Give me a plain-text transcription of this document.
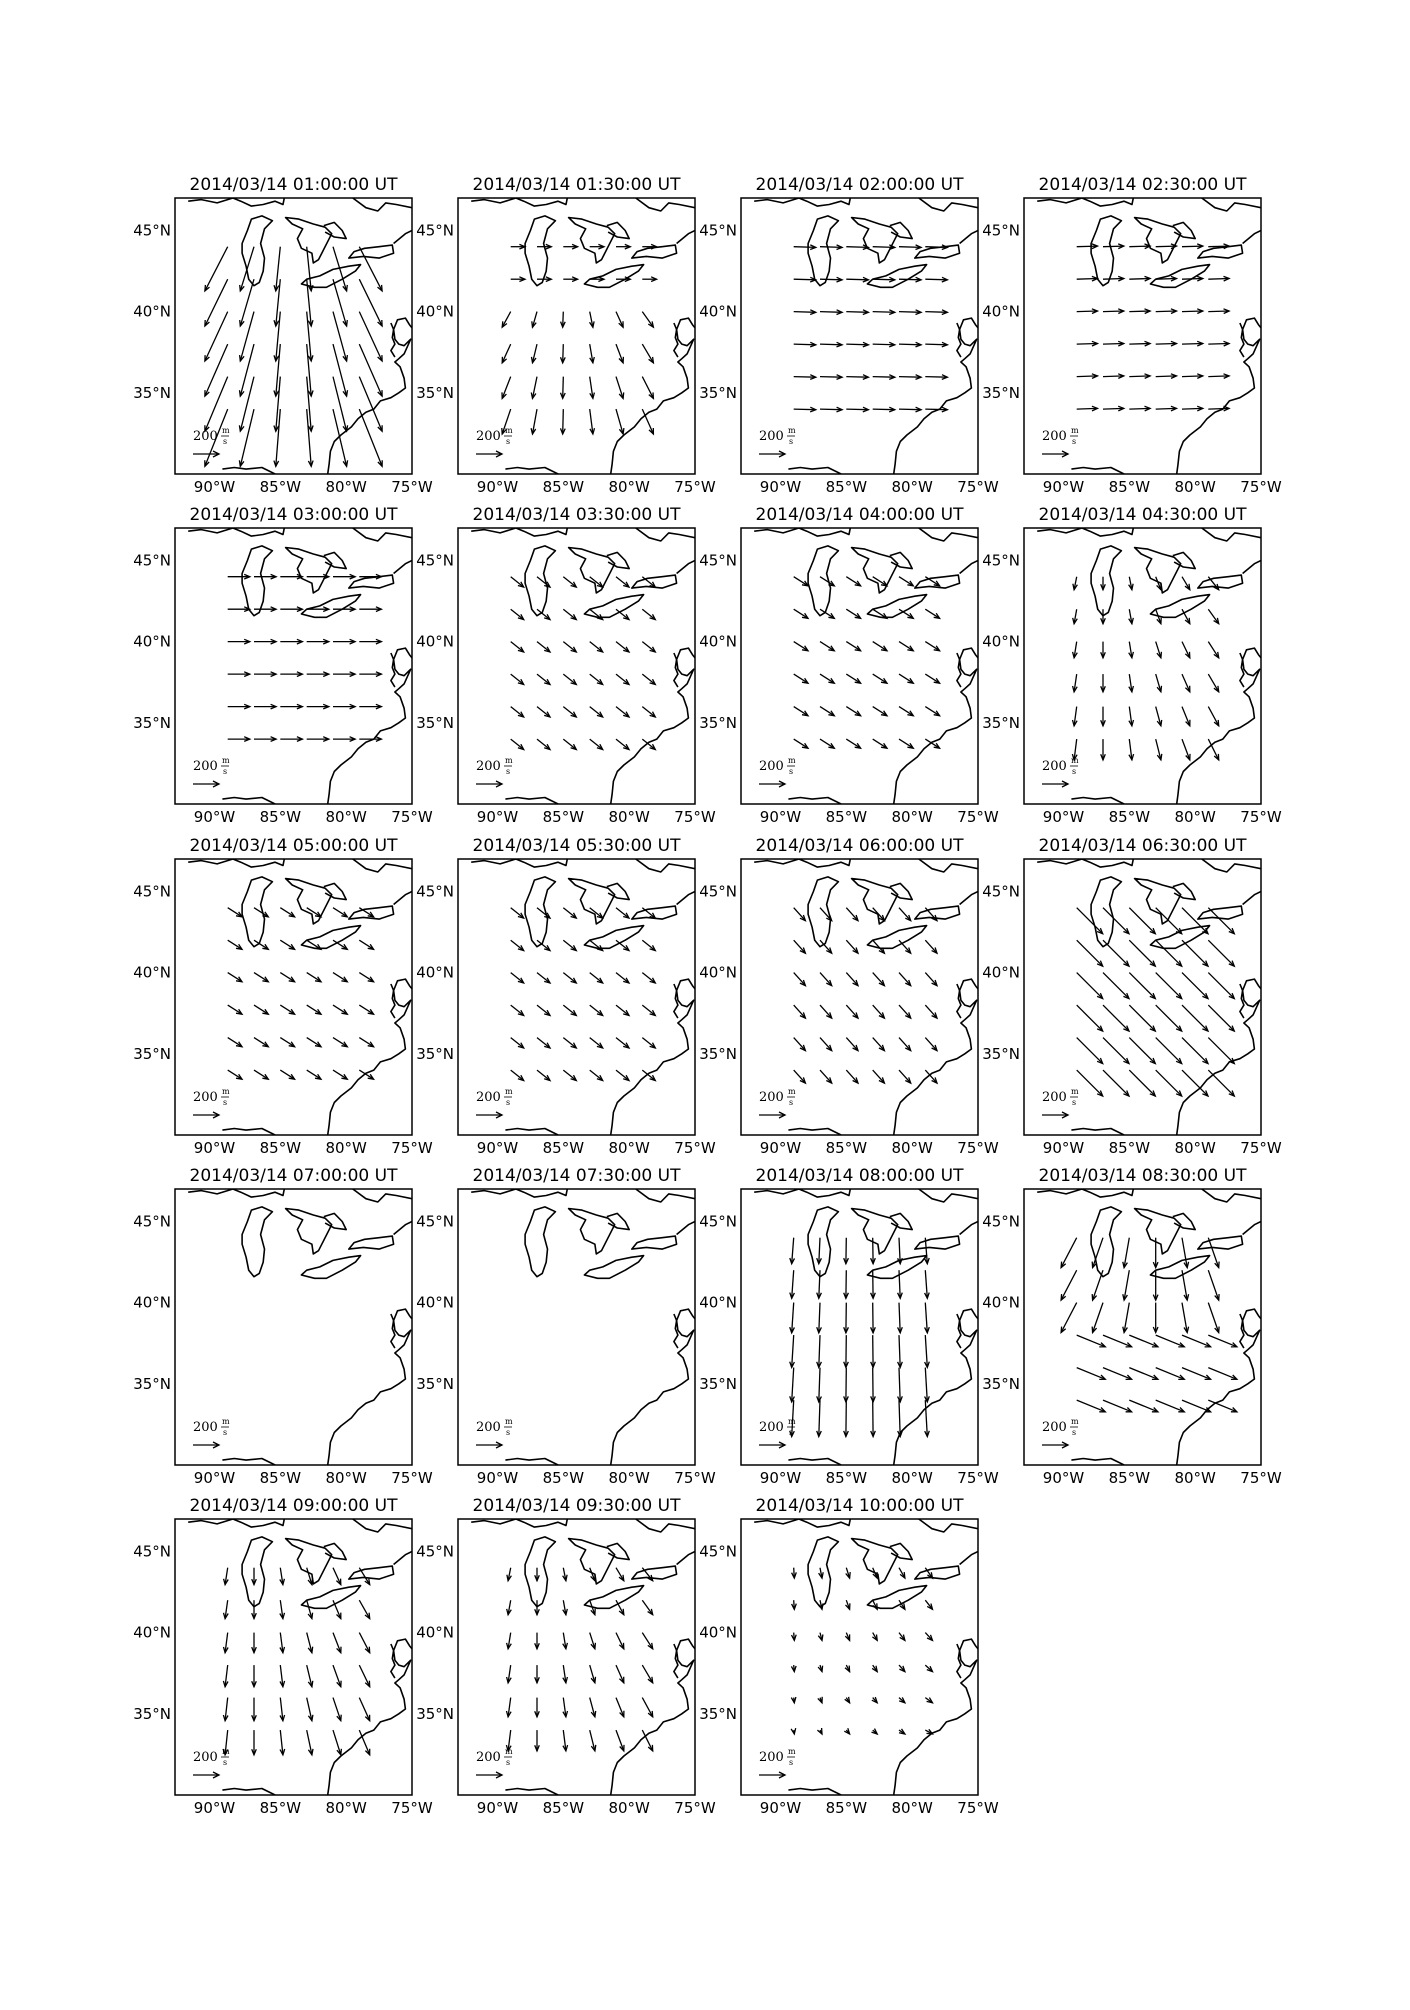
2014/03/14 01:00:00 UT
200 m
s
90°W 85°W 80°W 75°W
45°N
40°N
35°N
2014/03/14 01:30:00 UT
200 m
s
90°W 85°W 80°W 75°W
45°N
40°N
35°N
2014/03/14 02:00:00 UT
200 m
s
90°W 85°W 80°W 75°W
45°N
40°N
35°N
2014/03/14 02:30:00 UT
200 m
s
90°W 85°W 80°W 75°W
45°N
40°N
35°N
2014/03/14 03:00:00 UT
200 m
s
90°W 85°W 80°W 75°W
45°N
40°N
35°N
2014/03/14 03:30:00 UT
200 m
s
90°W 85°W 80°W 75°W
45°N
40°N
35°N
2014/03/14 04:00:00 UT
200 m
s
90°W 85°W 80°W 75°W
45°N
40°N
35°N
2014/03/14 04:30:00 UT
200 m
s
90°W 85°W 80°W 75°W
45°N
40°N
35°N
2014/03/14 05:00:00 UT
200 m
s
90°W 85°W 80°W 75°W
45°N
40°N
35°N
2014/03/14 05:30:00 UT
200 m
s
90°W 85°W 80°W 75°W
45°N
40°N
35°N
2014/03/14 06:00:00 UT
200 m
s
90°W 85°W 80°W 75°W
45°N
40°N
35°N
2014/03/14 06:30:00 UT
200 m
s
90°W 85°W 80°W 75°W
45°N
40°N
35°N
2014/03/14 07:00:00 UT
200 m
s
90°W 85°W 80°W 75°W
45°N
40°N
35°N
2014/03/14 07:30:00 UT
200 m
s
90°W 85°W 80°W 75°W
45°N
40°N
35°N
2014/03/14 08:00:00 UT
200 m
s
90°W 85°W 80°W 75°W
45°N
40°N
35°N
2014/03/14 08:30:00 UT
200 m
s
90°W 85°W 80°W 75°W
45°N
40°N
35°N
2014/03/14 09:00:00 UT
200 m
s
90°W 85°W 80°W 75°W
45°N
40°N
35°N
2014/03/14 09:30:00 UT
200 m
s
90°W 85°W 80°W 75°W
45°N
40°N
35°N
2014/03/14 10:00:00 UT
200 m
s
90°W 85°W 80°W 75°W
45°N
40°N
35°N
